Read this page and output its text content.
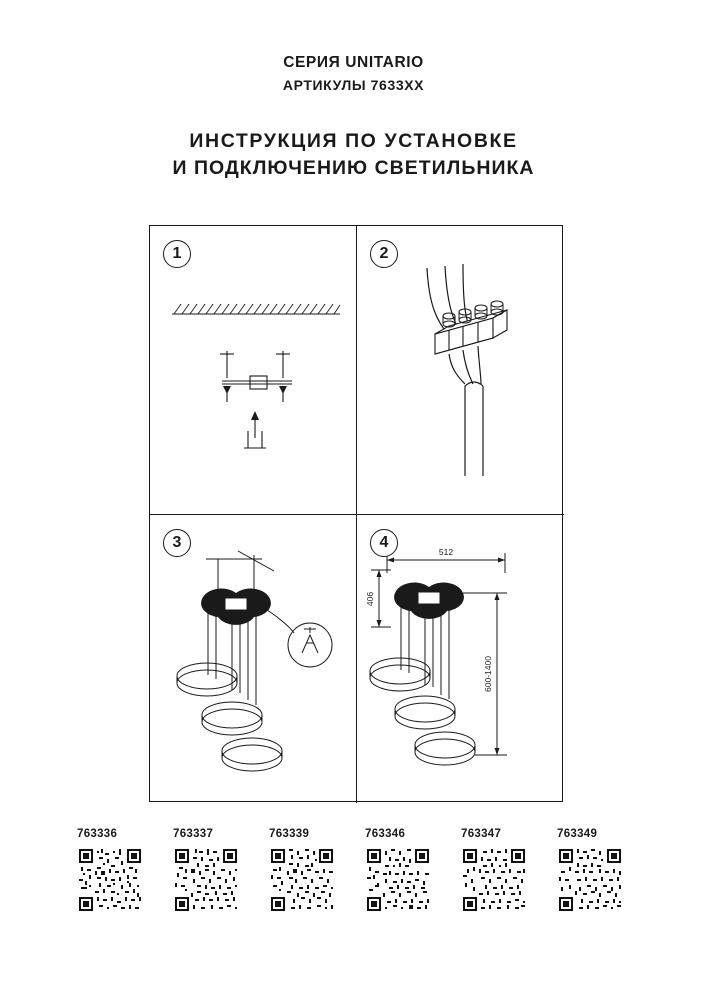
СЕРИЯ UNITARIO
АРТИКУЛЫ 7633XX
ИНСТРУКЦИЯ ПО УСТАНОВКЕ
И ПОДКЛЮЧЕНИЮ СВЕТИЛЬНИКА
1	2
3	4
512
406
600-1400
763336	763337	763339	763346	763347	763349
